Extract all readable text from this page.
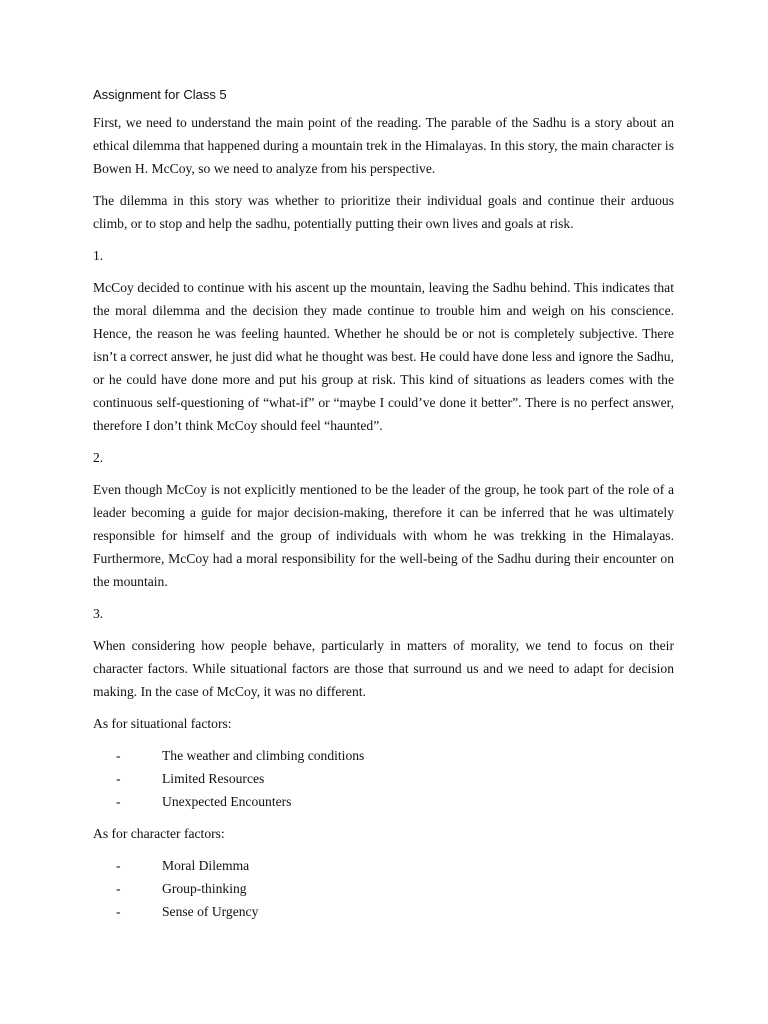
Assignment for Class 5

First, we need to understand the main point of the reading. The parable of the Sadhu is a story about an ethical dilemma that happened during a mountain trek in the Himalayas. In this story, the main character is Bowen H. McCoy, so we need to analyze from his perspective.

The dilemma in this story was whether to prioritize their individual goals and continue their arduous climb, or to stop and help the sadhu, potentially putting their own lives and goals at risk.

1.

McCoy decided to continue with his ascent up the mountain, leaving the Sadhu behind. This indicates that the moral dilemma and the decision they made continue to trouble him and weigh on his conscience. Hence, the reason he was feeling haunted. Whether he should be or not is completely subjective. There isn’t a correct answer, he just did what he thought was best. He could have done less and ignore the Sadhu, or he could have done more and put his group at risk. This kind of situations as leaders comes with the continuous self-questioning of “what-if” or “maybe I could’ve done it better”. There is no perfect answer, therefore I don’t think McCoy should feel “haunted”.

2.

Even though McCoy is not explicitly mentioned to be the leader of the group, he took part of the role of a leader becoming a guide for major decision-making, therefore it can be inferred that he was ultimately responsible for himself and the group of individuals with whom he was trekking in the Himalayas. Furthermore, McCoy had a moral responsibility for the well-being of the Sadhu during their encounter on the mountain.

3.

When considering how people behave, particularly in matters of morality, we tend to focus on their character factors. While situational factors are those that surround us and we need to adapt for decision making. In the case of McCoy, it was no different.

As for situational factors:

-	The weather and climbing conditions
-	Limited Resources
-	Unexpected Encounters

As for character factors:

-	Moral Dilemma
-	Group-thinking
-	Sense of Urgency
